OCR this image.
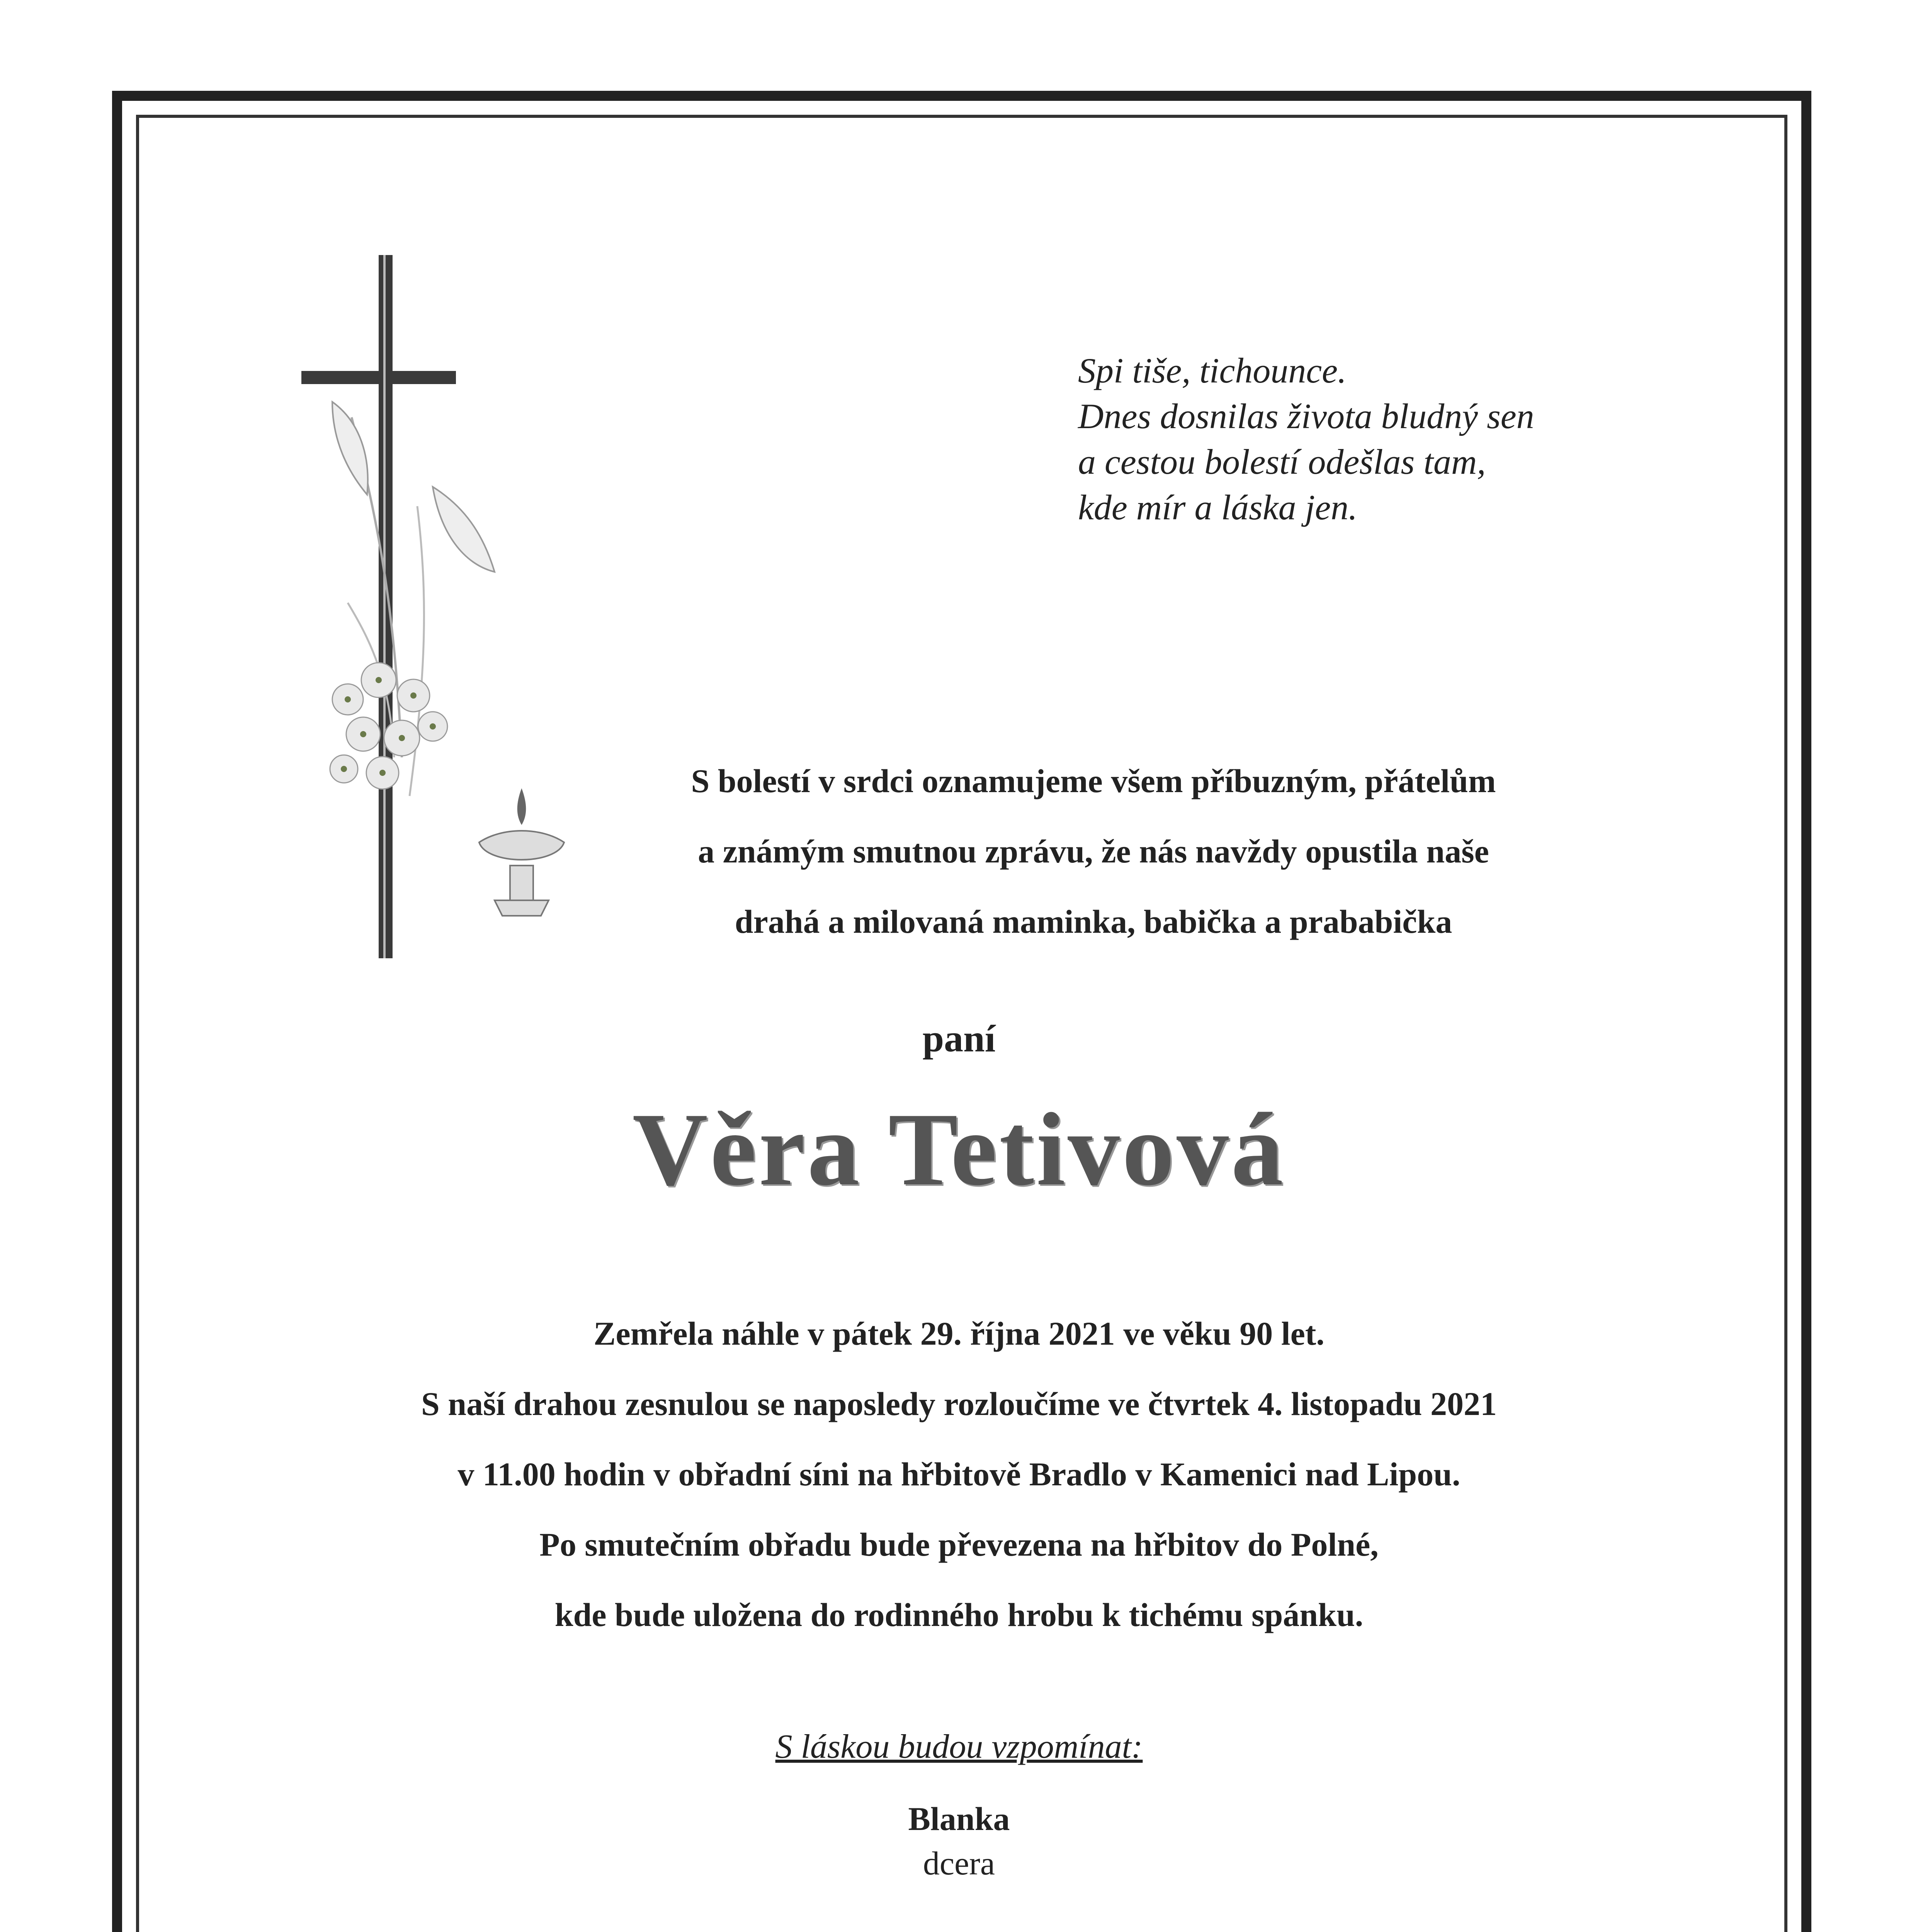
Spi tiše, tichounce.
Dnes dosnilas života bludný sen
a cestou bolestí odešlas tam,
kde mír a láska jen.
S bolestí v srdci oznamujeme všem příbuzným, přátelům
a známým smutnou zprávu, že nás navždy opustila naše
drahá a milovaná maminka, babička a prababička
paní
Věra Tetivová
Zemřela náhle v pátek 29. října 2021 ve věku 90 let.
S naší drahou zesnulou se naposledy rozloučíme ve čtvrtek 4. listopadu 2021
v 11.00 hodin v obřadní síni na hřbitově Bradlo v Kamenici nad Lipou.
Po smutečním obřadu bude převezena na hřbitov do Polné,
kde bude uložena do rodinného hrobu k tichému spánku.
S láskou budou vzpomínat:
Blanka
dcera
